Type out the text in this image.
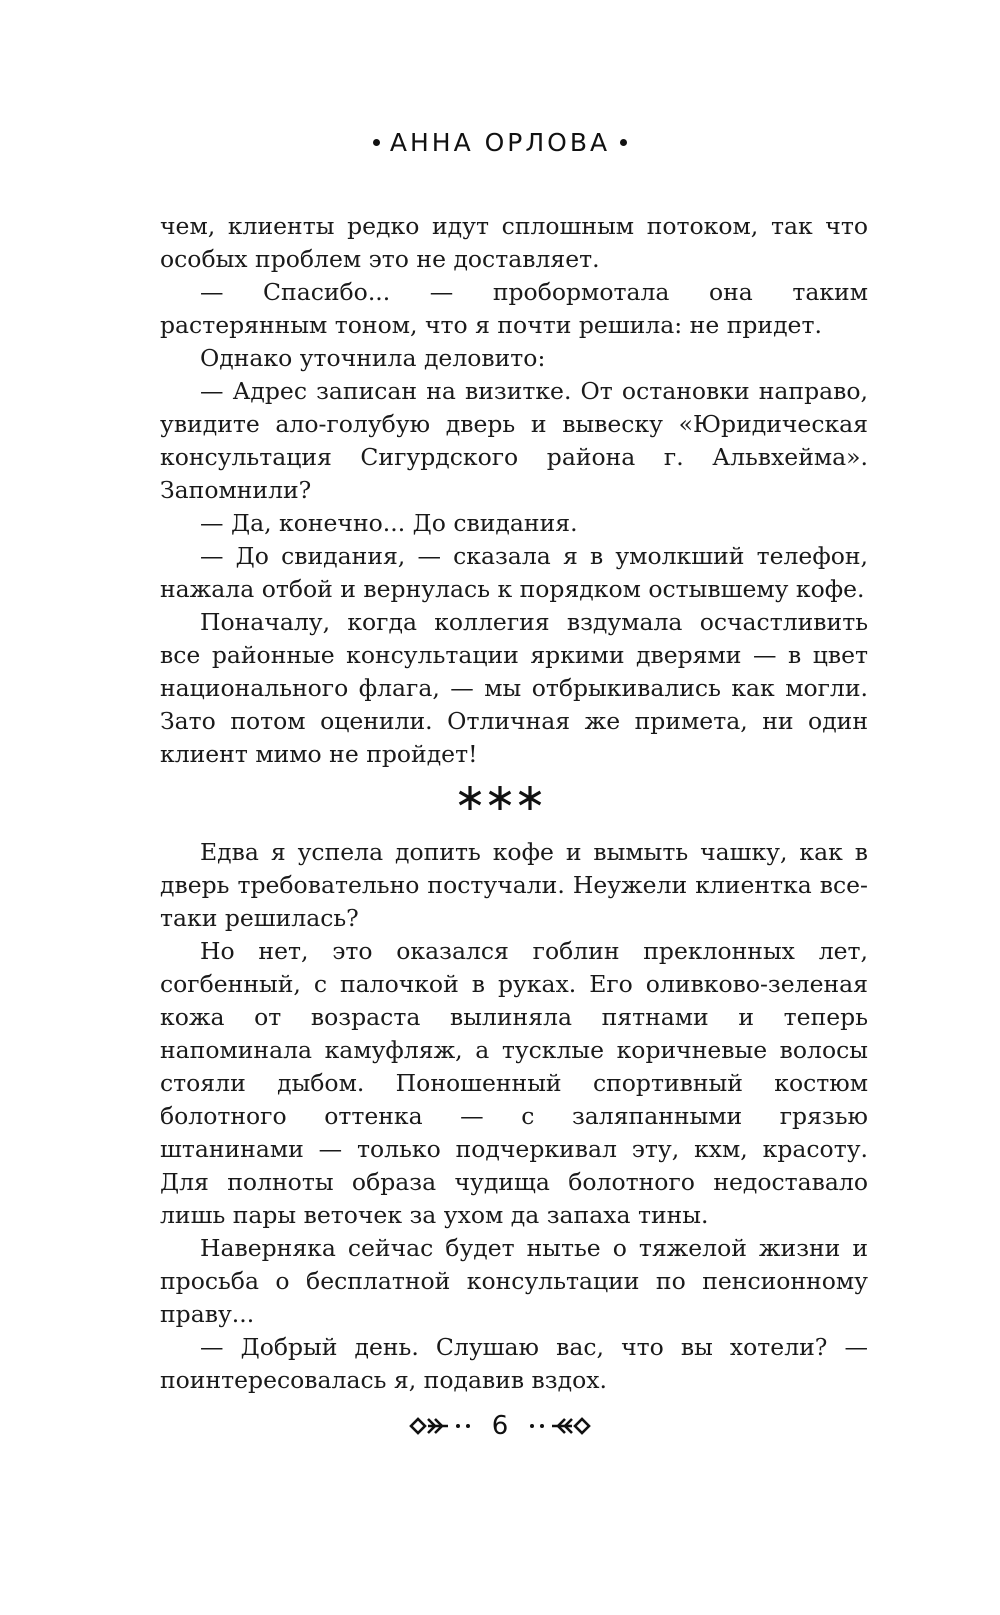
АННА ОРЛОВА

чем, клиенты редко идут сплошным потоком, так что особых проблем это не доставляет.

— Спасибо... — пробормотала она таким растерянным тоном, что я почти решила: не придет.

Однако уточнила деловито:

— Адрес записан на визитке. От остановки направо, увидите ало-голубую дверь и вывеску «Юридическая консультация Сигурдского района г. Альвхейма». Запомнили?

— Да, конечно... До свидания.

— До свидания, — сказала я в умолкший телефон, нажала отбой и вернулась к порядком остывшему кофе.

Поначалу, когда коллегия вздумала осчастливить все районные консультации яркими дверями — в цвет национального флага, — мы отбрыкивались как могли. Зато потом оценили. Отличная же примета, ни один клиент мимо не пройдет!

Едва я успела допить кофе и вымыть чашку, как в дверь требовательно постучали. Неужели клиентка все-таки решилась?

Но нет, это оказался гоблин преклонных лет, согбенный, с палочкой в руках. Его оливково-зеленая кожа от возраста вылиняла пятнами и теперь напоминала камуфляж, а тусклые коричневые волосы стояли дыбом. Поношенный спортивный костюм болотного оттенка — с заляпанными грязью штанинами — только подчеркивал эту, кхм, красоту. Для полноты образа чудища болотного недоставало лишь пары веточек за ухом да запаха тины.

Наверняка сейчас будет нытье о тяжелой жизни и просьба о бесплатной консультации по пенсионному праву...

— Добрый день. Слушаю вас, что вы хотели? — поинтересовалась я, подавив вздох.

6
